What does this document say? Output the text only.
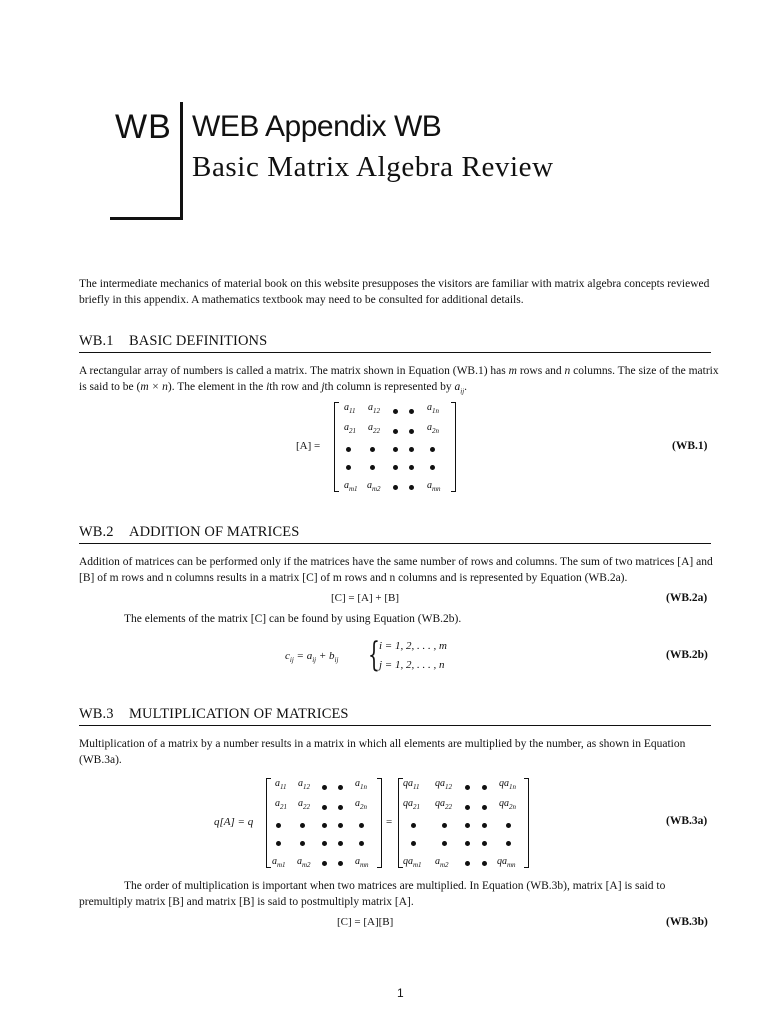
WB WEB Appendix WB
Basic Matrix Algebra Review
The intermediate mechanics of material book on this website presupposes the visitors are familiar with matrix algebra concepts reviewed briefly in this appendix. A mathematics textbook may need to be consulted for additional details.
WB.1 BASIC DEFINITIONS
A rectangular array of numbers is called a matrix. The matrix shown in Equation (WB.1) has m rows and n columns. The size of the matrix is said to be (m × n). The element in the ith row and jth column is represented by $a_{ij}$.
[A] =
$a_{11}$ $a_{12}$	$a_{1n}$
$a_{21}$ $a_{22}$	$a_{2n}$
$a_{m1}$ $a_{m2}$	$a_{mn}$
(WB.1)
WB.2 ADDITION OF MATRICES
Addition of matrices can be performed only if the matrices have the same number of rows and columns. The sum of two matrices [A] and [B] of m rows and n columns results in a matrix [C] of m rows and n columns and is represented by Equation (WB.2a).
[C] = [A] + [B]	(WB.2a)
The elements of the matrix [C] can be found by using Equation (WB.2b).
$c_{ij} = a_{ij} + b_{ij}$ { i = 1, 2, . . . , m
j = 1, 2, . . . , n
(WB.2b)
WB.3 MULTIPLICATION OF MATRICES
Multiplication of a matrix by a number results in a matrix in which all elements are multiplied by the number, as shown in Equation (WB.3a).
q[A] = q
$a_{11}$ $a_{12}$	$a_{1n}$
$a_{21}$ $a_{22}$	$a_{2n}$
$a_{m1}$ $a_{m2}$	$a_{mn}$
=
$qa_{11}$ $qa_{12}$	$qa_{1n}$
$qa_{21}$ $qa_{22}$	$qa_{2n}$
$qa_{m1}$ $a_{m2}$	$qa_{mn}$
(WB.3a)
The order of multiplication is important when two matrices are multiplied. In Equation (WB.3b), matrix [A] is said to premultiply matrix [B] and matrix [B] is said to postmultiply matrix [A].
[C] = [A][B]	(WB.3b)
1
